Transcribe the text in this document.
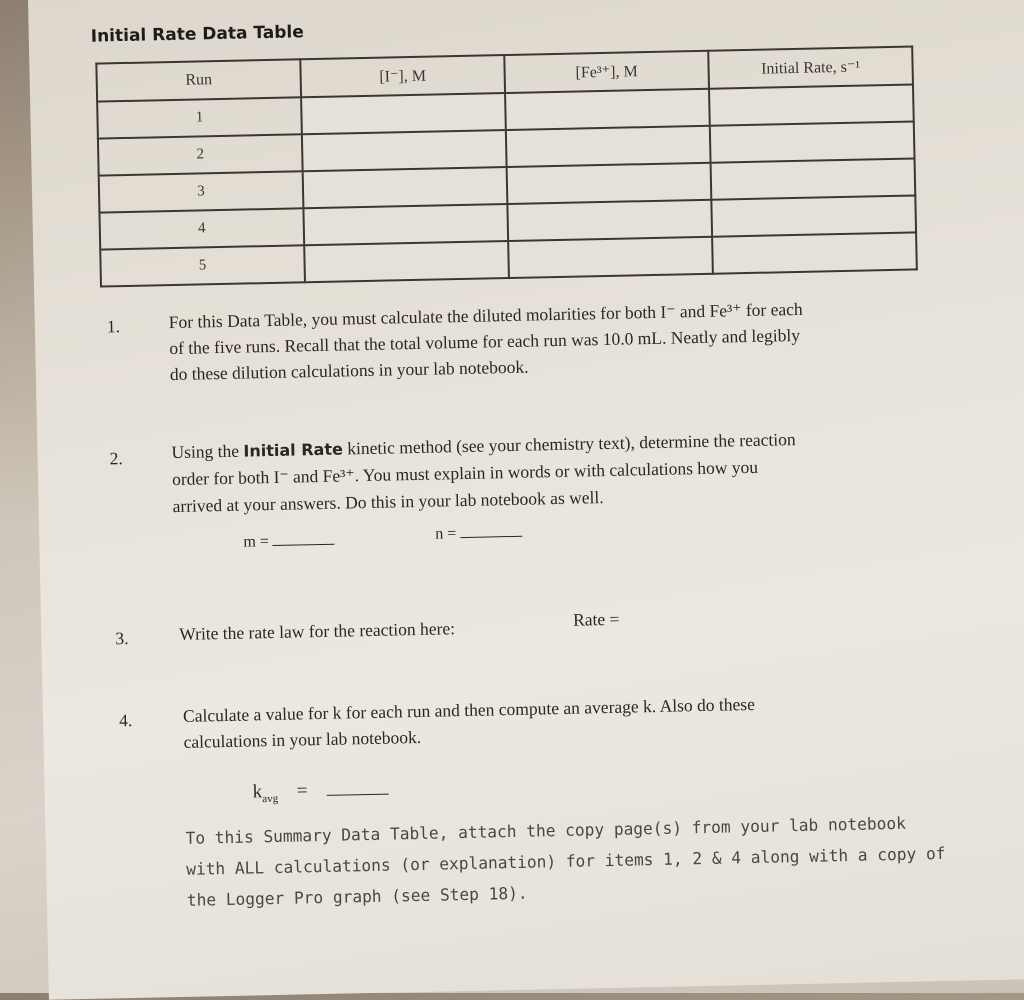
Initial Rate Data Table
Run	[I⁻], M	[Fe³⁺], M	Initial Rate, s⁻¹
1			
2			
3			
4			
5			
1.	For this Data Table, you must calculate the diluted molarities for both I⁻ and Fe³⁺ for each
of the five runs. Recall that the total volume for each run was 10.0 mL. Neatly and legibly
do these dilution calculations in your lab notebook.
2.	Using the Initial Rate kinetic method (see your chemistry text), determine the reaction
order for both I⁻ and Fe³⁺. You must explain in words or with calculations how you
arrived at your answers. Do this in your lab notebook as well.
m =	n =
3.	Write the rate law for the reaction here:	Rate =
4.	Calculate a value for k for each run and then compute an average k. Also do these
calculations in your lab notebook.
$k_{avg}$ =
To this Summary Data Table, attach the copy page(s) from your lab notebook
with ALL calculations (or explanation) for items 1, 2 & 4 along with a copy of
the Logger Pro graph (see Step 18).
